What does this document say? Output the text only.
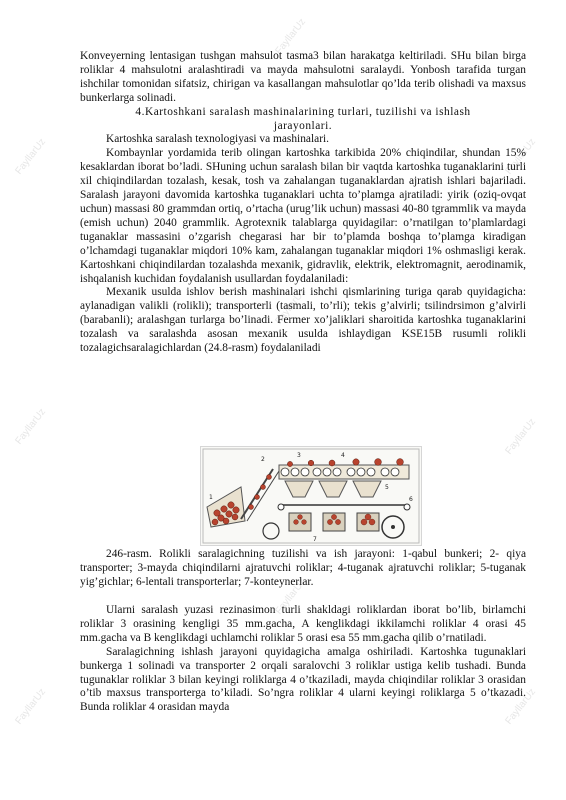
FayllarUz
FayllarUz
FayllarUz
FayllarUz
FayllarUz
FayllarUz
FayllarUz
FayllarUz
FayllarUz

Konveyerning lentasigan tushgan mahsulot tasma3 bilan harakatga keltiriladi. SHu bilan birga roliklar 4 mahsulotni aralashtiradi va mayda mahsulotni saralaydi. Yonbosh tarafida turgan ishchilar tomonidan sifatsiz, chirigan va kasallangan mahsulotlar qo’lda terib olishadi va maxsus bunkerlarga solinadi.

4.Kartoshkani saralash mashinalarining turlari, tuzilishi va ishlash
jarayonlari.

Kartoshka saralash texnologiyasi va mashinalari.

Kombaynlar yordamida terib olingan kartoshka tarkibida 20% chiqindilar, shundan 15% kesaklardan iborat bo’ladi. SHuning uchun saralash bilan bir vaqtda kartoshka tuganaklarini turli xil chiqindilardan tozalash, kesak, tosh va zahalangan tuganaklardan ajratish ishlari bajariladi. Saralash jarayoni davomida kartoshka tuganaklari uchta to’plamga ajratiladi: yirik (oziq-ovqat uchun) massasi 80 grammdan ortiq, o’rtacha (urug’lik uchun) massasi 40-80 tgrammlik va mayda (emish uchun) 2040 grammlik. Agrotexnik talablarga quyidagilar: o’rnatilgan to’plamlardagi tuganaklar massasini o’zgarish chegarasi har bir to’plamda boshqa to’plamga kiradigan o’lchamdagi tuganaklar miqdori 10% kam, zahalangan tuganaklar miqdori 1% oshmasligi kerak. Kartoshkani chiqindilardan tozalashda mexanik, gidravlik, elektrik, elektromagnit, aerodinamik, ishqalanish kuchidan foydalanish usullardan foydalaniladi:

Mexanik usulda ishlov berish mashinalari ishchi qismlarining turiga qarab quyidagicha: aylanadigan valikli (rolikli); transporterli (tasmali, to’rli); tekis g’alvirli; tsilindrsimon g’alvirli (barabanli); aralashgan turlarga bo’linadi. Fermer xo’jaliklari sharoitida kartoshka tuganaklarini tozalash va saralashda asosan mexanik usulda ishlaydigan KSE15B rusumli rolikli tozalagichsaralagichlardan (24.8-rasm) foydalaniladi

1
2
3	4
5
6
7

246-rasm. Rolikli saralagichning tuzilishi va ish jarayoni: 1-qabul bunkeri; 2- qiya transporter; 3-mayda chiqindilarni ajratuvchi roliklar; 4-tuganak ajratuvchi roliklar; 5-tuganak yig’gichlar; 6-lentali transporterlar; 7-konteynerlar.

Ularni saralash yuzasi rezinasimon turli shakldagi roliklardan iborat bo’lib, birlamchi roliklar 3 orasining kengligi 35 mm.gacha, A kenglikdagi ikkilamchi roliklar 4 orasi 45 mm.gacha va B kenglikdagi uchlamchi roliklar 5 orasi esa 55 mm.gacha qilib o’rnatiladi.

Saralagichning ishlash jarayoni quyidagicha amalga oshiriladi. Kartoshka tugunaklari bunkerga 1 solinadi va transporter 2 orqali saralovchi 3 roliklar ustiga kelib tushadi. Bunda tugunaklar roliklar 3 bilan keyingi roliklarga 4 o’tkaziladi, mayda chiqindilar roliklar 3 orasidan o’tib maxsus transporterga to’kiladi. So’ngra roliklar 4 ularni keyingi roliklarga 5 o’tkazadi. Bunda roliklar 4 orasidan mayda
